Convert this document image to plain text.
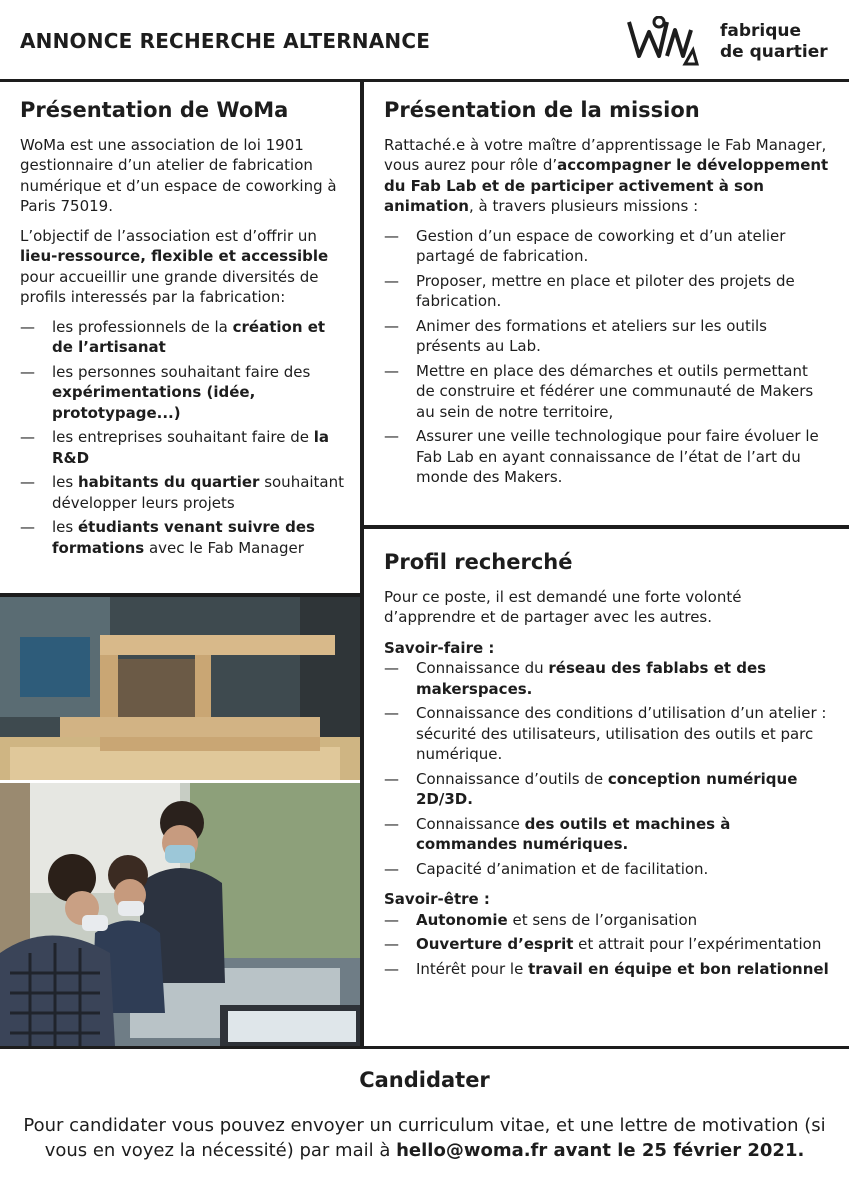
ANNONCE RECHERCHE ALTERNANCE	fabrique
de quartier
Présentation de WoMa

WoMa est une association de loi 1901 gestionnaire d’un atelier de fabrication numérique et d’un espace de coworking à Paris 75019.

L’objectif de l’association est d’offrir un lieu-ressource, flexible et accessible pour accueillir une grande diversités de profils interessés par la fabrication:

— les professionnels de la création et de l’artisanat
— les personnes souhaitant faire des expérimentations (idée, prototypage...)
— les entreprises souhaitant faire de la R&D
— les habitants du quartier souhaitant développer leurs projets
— les étudiants venant suivre des formations avec le Fab Manager
Présentation de la mission

Rattaché.e à votre maître d’apprentissage le Fab Manager, vous aurez pour rôle d’accompagner le développement du Fab Lab et de participer activement à son animation, à travers plusieurs missions :

— Gestion d’un espace de coworking et d’un atelier partagé de fabrication.
— Proposer, mettre en place et piloter des projets de fabrication.
— Animer des formations et ateliers sur les outils présents au Lab.
— Mettre en place des démarches et outils permettant de construire et fédérer une communauté de Makers au sein de notre territoire,
— Assurer une veille technologique pour faire évoluer le Fab Lab en ayant connaissance de l’état de l’art du monde des Makers.
Profil recherché

Pour ce poste, il est demandé une forte volonté d’apprendre et de partager avec les autres.

Savoir-faire :
— Connaissance du réseau des fablabs et des makerspaces.
— Connaissance des conditions d’utilisation d’un atelier : sécurité des utilisateurs, utilisation des outils et parc numérique.
— Connaissance d’outils de conception numérique 2D/3D.
— Connaissance des outils et machines à commandes numériques.
— Capacité d’animation et de facilitation.
Savoir-être :
— Autonomie et sens de l’organisation
— Ouverture d’esprit et attrait pour l’expérimentation
— Intérêt pour le travail en équipe et bon relationnel
Candidater
Pour candidater vous pouvez envoyer un curriculum vitae, et une lettre de motivation (si vous en voyez la nécessité) par mail à hello@woma.fr avant le 25 février 2021.
